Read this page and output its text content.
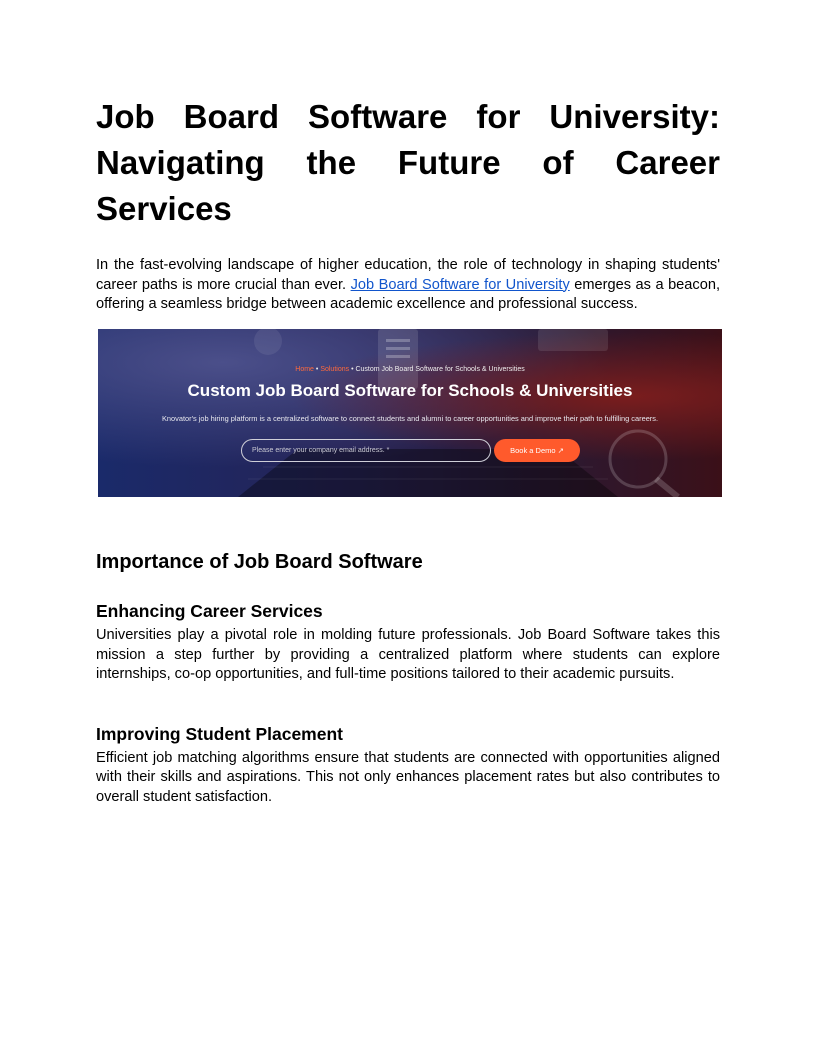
Job Board Software for University: Navigating the Future of Career Services

In the fast-evolving landscape of higher education, the role of technology in shaping students' career paths is more crucial than ever. Job Board Software for University emerges as a beacon, offering a seamless bridge between academic excellence and professional success.

Home • Solutions • Custom Job Board Software for Schools & Universities
Custom Job Board Software for Schools & Universities
Knovator's job hiring platform is a centralized software to connect students and alumni to career opportunities and improve their path to fulfilling careers.
Please enter your company email address. *	Book a Demo ↗
Importance of Job Board Software
Enhancing Career Services

Universities play a pivotal role in molding future professionals. Job Board Software takes this mission a step further by providing a centralized platform where students can explore internships, co-op opportunities, and full-time positions tailored to their academic pursuits.

Improving Student Placement

Efficient job matching algorithms ensure that students are connected with opportunities aligned with their skills and aspirations. This not only enhances placement rates but also contributes to overall student satisfaction.
